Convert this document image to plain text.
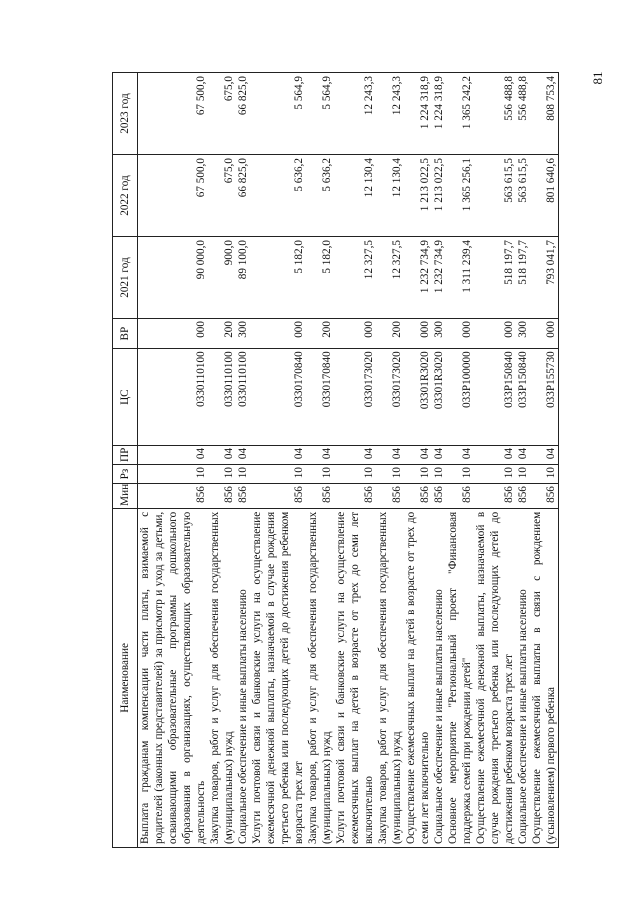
81
Наименование	Мин	Рз	ПР	ЦС	ВР	2021 год	2022 год	2023 год
Выплата гражданам компенсации части платы, взимаемой с родителей (законных представителей) за присмотр и уход за детьми, осваивающими образовательные программы дошкольного образования в организациях, осуществляющих образовательную деятельность	856	10	04	0330110100	000	90 000,0	67 500,0	67 500,0
Закупка товаров, работ и услуг для обеспечения государственных (муниципальных) нужд	856	10	04	0330110100	200	900,0	675,0	675,0
Социальное обеспечение и иные выплаты населению	856	10	04	0330110100	300	89 100,0	66 825,0	66 825,0
Услуги почтовой связи и банковские услуги на осуществление ежемесячной денежной выплаты, назначаемой в случае рождения третьего ребенка или последующих детей до достижения ребенком возраста трех лет	856	10	04	0330170840	000	5 182,0	5 636,2	5 564,9
Закупка товаров, работ и услуг для обеспечения государственных (муниципальных) нужд	856	10	04	0330170840	200	5 182,0	5 636,2	5 564,9
Услуги почтовой связи и банковские услуги на осуществление ежемесячных выплат на детей в возрасте от трех до семи лет включительно	856	10	04	0330173020	000	12 327,5	12 130,4	12 243,3
Закупка товаров, работ и услуг для обеспечения государственных (муниципальных) нужд	856	10	04	0330173020	200	12 327,5	12 130,4	12 243,3
Осуществление ежемесячных выплат на детей в возрасте от трех до семи лет включительно	856	10	04	03301R3020	000	1 232 734,9	1 213 022,5	1 224 318,9
Социальное обеспечение и иные выплаты населению	856	10	04	03301R3020	300	1 232 734,9	1 213 022,5	1 224 318,9
Основное мероприятие "Региональный проект "Финансовая поддержка семей при рождении детей"	856	10	04	033P100000	000	1 311 239,4	1 365 256,1	1 365 242,2
Осуществление ежемесячной денежной выплаты, назначаемой в случае рождения третьего ребенка или последующих детей до достижения ребенком возраста трех лет	856	10	04	033P150840	000	518 197,7	563 615,5	556 488,8
Социальное обеспечение и иные выплаты населению	856	10	04	033P150840	300	518 197,7	563 615,5	556 488,8
Осуществление ежемесячной выплаты в связи с рождением (усыновлением) первого ребенка	856	10	04	033P155730	000	793 041,7	801 640,6	808 753,4
